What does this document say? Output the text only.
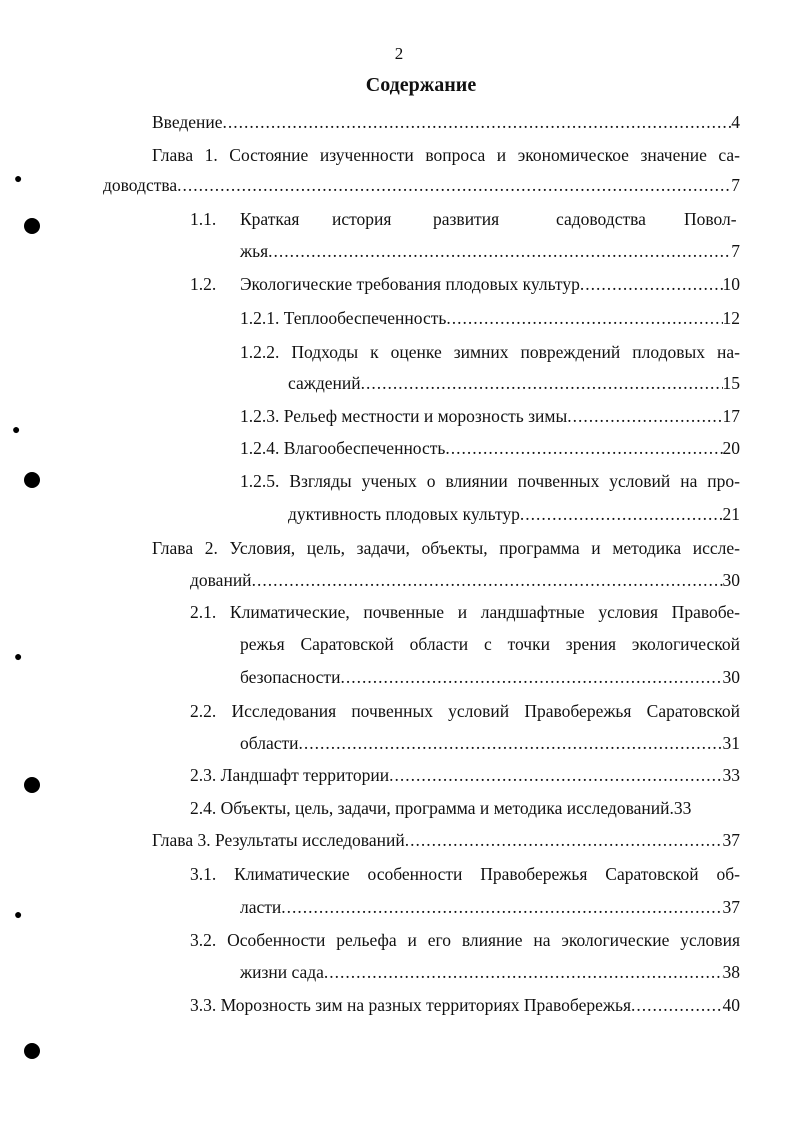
2
Содержание
●
●
●
●
Введение .....	4
Глава 1. Состояние изученности вопроса и экономическое значение са-
доводства .....	7
1.1. Краткая история развития	садоводства Повол-
жья .....	7
1.2.	Экологические требования плодовых культур .....	10
1.2.1. Теплообеспеченность .....	12
1.2.2. Подходы к оценке зимних повреждений плодовых на-
саждений .....	15
1.2.3. Рельеф местности и морозность зимы .....	17
1.2.4. Влагообеспеченность .....	20
1.2.5. Взгляды ученых о влиянии почвенных условий на про-
дуктивность плодовых культур .....	21
Глава 2. Условия, цель, задачи, объекты, программа и методика иссле-
дований .....	30
2.1. Климатические, почвенные и ландшафтные условия Правобе-
режья Саратовской области с точки зрения экологической
безопасности .....	30
2.2. Исследования почвенных условий Правобережья Саратовской
области .....	31
2.3. Ландшафт территории .....	33
2.4. Объекты, цель, задачи, программа и методика исследований.33
Глава 3. Результаты исследований .....	37
3.1. Климатические особенности Правобережья Саратовской об-
ласти .....	37
3.2. Особенности рельефа и его влияние на экологические условия
жизни сада .....	38
3.3. Морозность зим на разных территориях Правобережья .....	40
